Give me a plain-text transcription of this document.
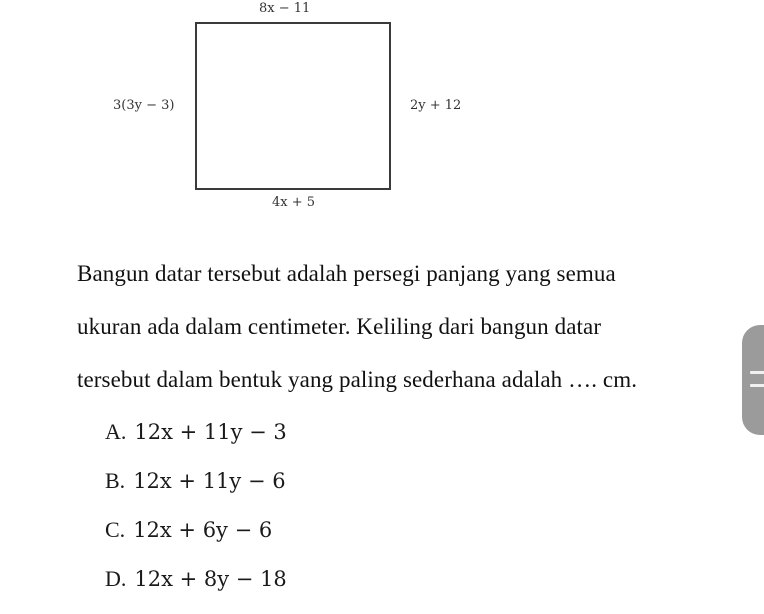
8x − 11
3(3y − 3)	2y + 12
4x + 5
Bangun datar tersebut adalah persegi panjang yang semua
ukuran ada dalam centimeter. Keliling dari bangun datar
tersebut dalam bentuk yang paling sederhana adalah …. cm.
A. 12x + 11y − 3
B. 12x + 11y − 6
C. 12x + 6y − 6
D. 12x + 8y − 18
